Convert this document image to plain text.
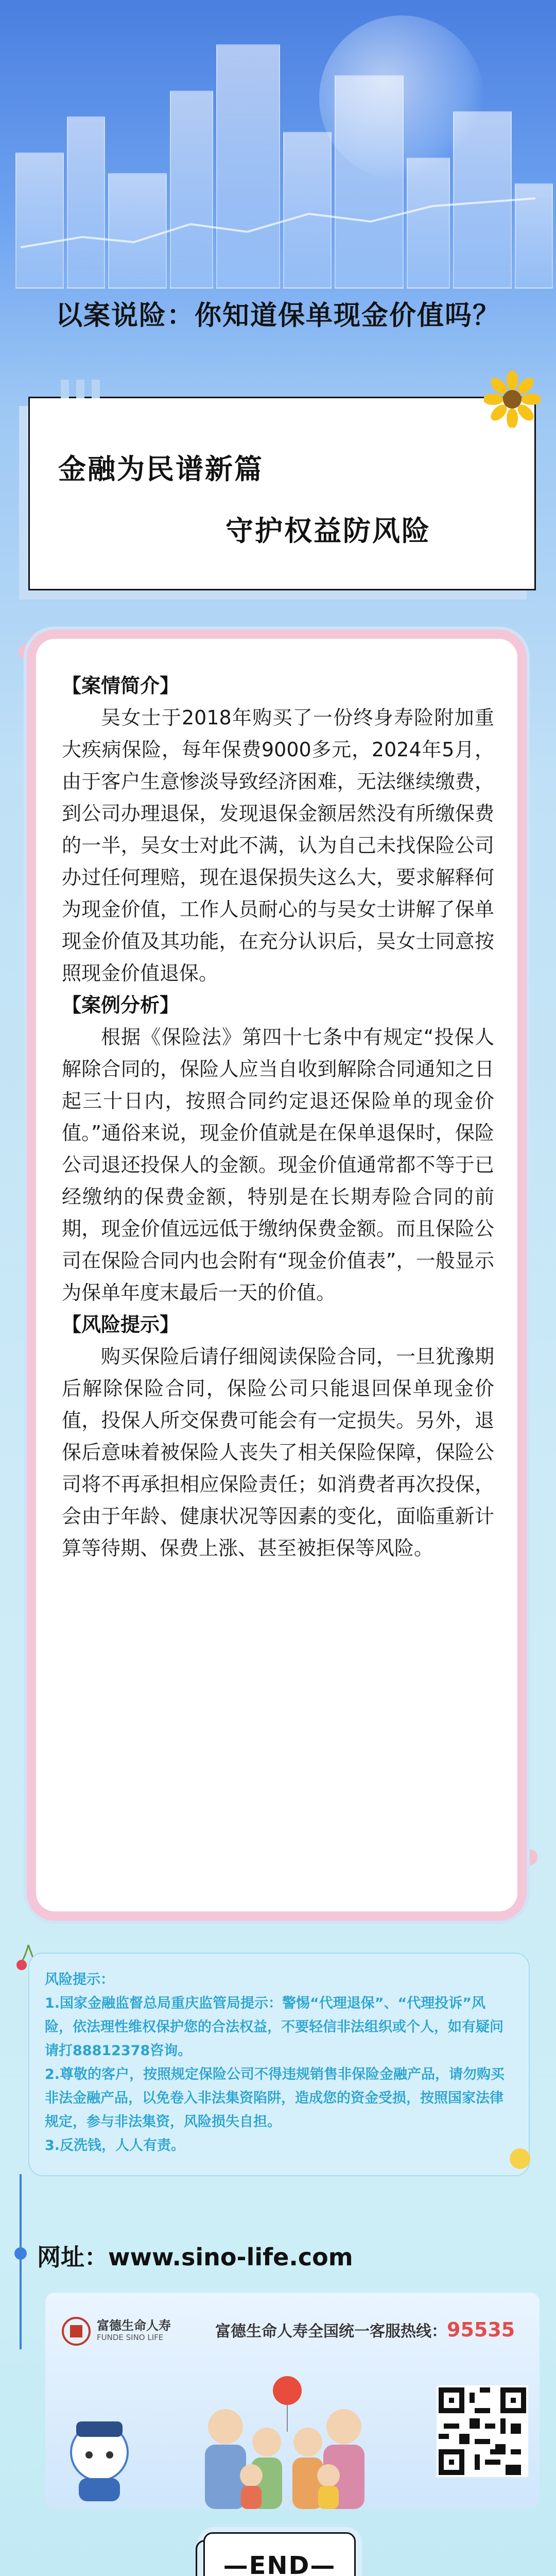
以案说险：你知道保单现金价值吗？
金融为民谱新篇
守护权益防风险
【案情简介】

吴女士于2018年购买了一份终身寿险附加重大疾病保险，每年保费9000多元，2024年5月，由于客户生意惨淡导致经济困难，无法继续缴费，到公司办理退保，发现退保金额居然没有所缴保费的一半，吴女士对此不满，认为自己未找保险公司办过任何理赔，现在退保损失这么大，要求解释何为现金价值，工作人员耐心的与吴女士讲解了保单现金价值及其功能，在充分认识后，吴女士同意按照现金价值退保。

【案例分析】

根据《保险法》第四十七条中有规定“投保人解除合同的，保险人应当自收到解除合同通知之日起三十日内，按照合同约定退还保险单的现金价值。”通俗来说，现金价值就是在保单退保时，保险公司退还投保人的金额。现金价值通常都不等于已经缴纳的保费金额，特别是在长期寿险合同的前期，现金价值远远低于缴纳保费金额。而且保险公司在保险合同内也会附有“现金价值表”，一般显示为保单年度末最后一天的价值。

【风险提示】

购买保险后请仔细阅读保险合同，一旦犹豫期后解除保险合同，保险公司只能退回保单现金价值，投保人所交保费可能会有一定损失。另外，退保后意味着被保险人丧失了相关保险保障，保险公司将不再承担相应保险责任；如消费者再次投保，会由于年龄、健康状况等因素的变化，面临重新计算等待期、保费上涨、甚至被拒保等风险。

风险提示：

1.国家金融监督总局重庆监管局提示：警惕“代理退保”、“代理投诉”风险，依法理性维权保护您的合法权益，不要轻信非法组织或个人，如有疑问请打88812378咨询。

2.尊敬的客户，按照规定保险公司不得违规销售非保险金融产品，请勿购买非法金融产品，以免卷入非法集资陷阱，造成您的资金受损，按照国家法律规定，参与非法集资，风险损失自担。

3.反洗钱，人人有责。

网址：www.sino-life.com
富德生命人寿
FUNDE SINO LIFE	富德生命人寿全国统一客服热线：95535
—END—
